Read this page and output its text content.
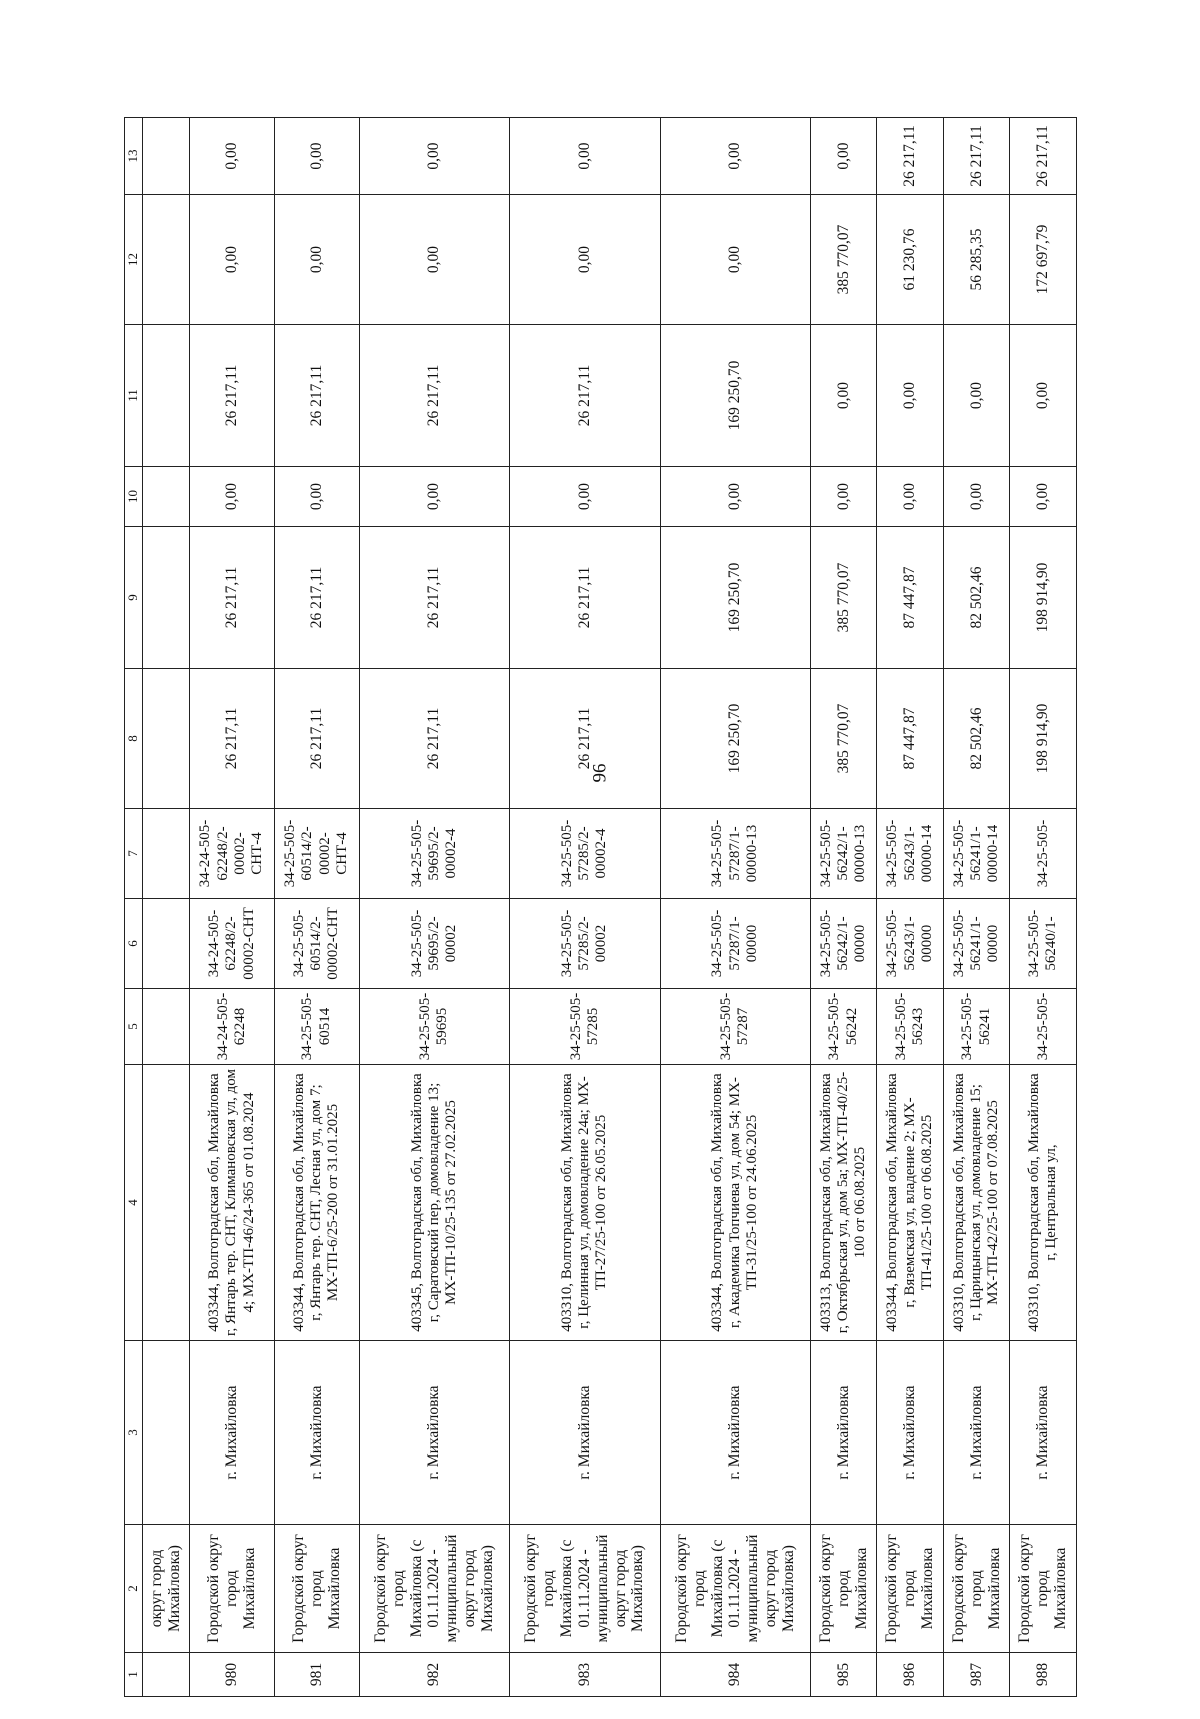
96
1	2	3	4	5	6	7	8	9	10	11	12	13
	округ город Михайловка)											
980	Городской округ город Михайловка	г. Михайловка	403344, Волгоградская обл, Михайловка г, Янтарь тер. СНТ, Климановская ул, дом 4; МХ-ТП-46/24-365 от 01.08.2024	34-24-505-62248	34-24-505-62248/2-00002-СНТ	34-24-505-62248/2-00002-СНТ-4	26 217,11	26 217,11	0,00	26 217,11	0,00	0,00
981	Городской округ город Михайловка	г. Михайловка	403344, Волгоградская обл, Михайловка г, Янтарь тер. СНТ, Лесная ул, дом 7; МХ-ТП-6/25-200 от 31.01.2025	34-25-505-60514	34-25-505-60514/2-00002-СНТ	34-25-505-60514/2-00002-СНТ-4	26 217,11	26 217,11	0,00	26 217,11	0,00	0,00
982	Городской округ город Михайловка (с 01.11.2024 - муниципальный округ город Михайловка)	г. Михайловка	403345, Волгоградская обл, Михайловка г, Саратовский пер, домовладение 13; МХ-ТП-10/25-135 от 27.02.2025	34-25-505-59695	34-25-505-59695/2-00002	34-25-505-59695/2-00002-4	26 217,11	26 217,11	0,00	26 217,11	0,00	0,00
983	Городской округ город Михайловка (с 01.11.2024 - муниципальный округ город Михайловка)	г. Михайловка	403310, Волгоградская обл, Михайловка г, Целинная ул, домовладение 24а; МХ-ТП-27/25-100 от 26.05.2025	34-25-505-57285	34-25-505-57285/2-00002	34-25-505-57285/2-00002-4	26 217,11	26 217,11	0,00	26 217,11	0,00	0,00
984	Городской округ город Михайловка (с 01.11.2024 - муниципальный округ город Михайловка)	г. Михайловка	403344, Волгоградская обл, Михайловка г, Академика Топчиева ул, дом 54; МХ-ТП-31/25-100 от 24.06.2025	34-25-505-57287	34-25-505-57287/1-00000	34-25-505-57287/1-00000-13	169 250,70	169 250,70	0,00	169 250,70	0,00	0,00
985	Городской округ город Михайловка	г. Михайловка	403313, Волгоградская обл, Михайловка г, Октябрьская ул, дом 5а; МХ-ТП-40/25-100 от 06.08.2025	34-25-505-56242	34-25-505-56242/1-00000	34-25-505-56242/1-00000-13	385 770,07	385 770,07	0,00	0,00	385 770,07	0,00
986	Городской округ город Михайловка	г. Михайловка	403344, Волгоградская обл, Михайловка г, Вяземская ул, владение 2; МХ-ТП-41/25-100 от 06.08.2025	34-25-505-56243	34-25-505-56243/1-00000	34-25-505-56243/1-00000-14	87 447,87	87 447,87	0,00	0,00	61 230,76	26 217,11
987	Городской округ город Михайловка	г. Михайловка	403310, Волгоградская обл, Михайловка г, Царицынская ул, домовладение 15; МХ-ТП-42/25-100 от 07.08.2025	34-25-505-56241	34-25-505-56241/1-00000	34-25-505-56241/1-00000-14	82 502,46	82 502,46	0,00	0,00	56 285,35	26 217,11
988	Городской округ город Михайловка	г. Михайловка	403310, Волгоградская обл, Михайловка г, Центральная ул,	34-25-505-	34-25-505-56240/1-	34-25-505-	198 914,90	198 914,90	0,00	0,00	172 697,79	26 217,11
